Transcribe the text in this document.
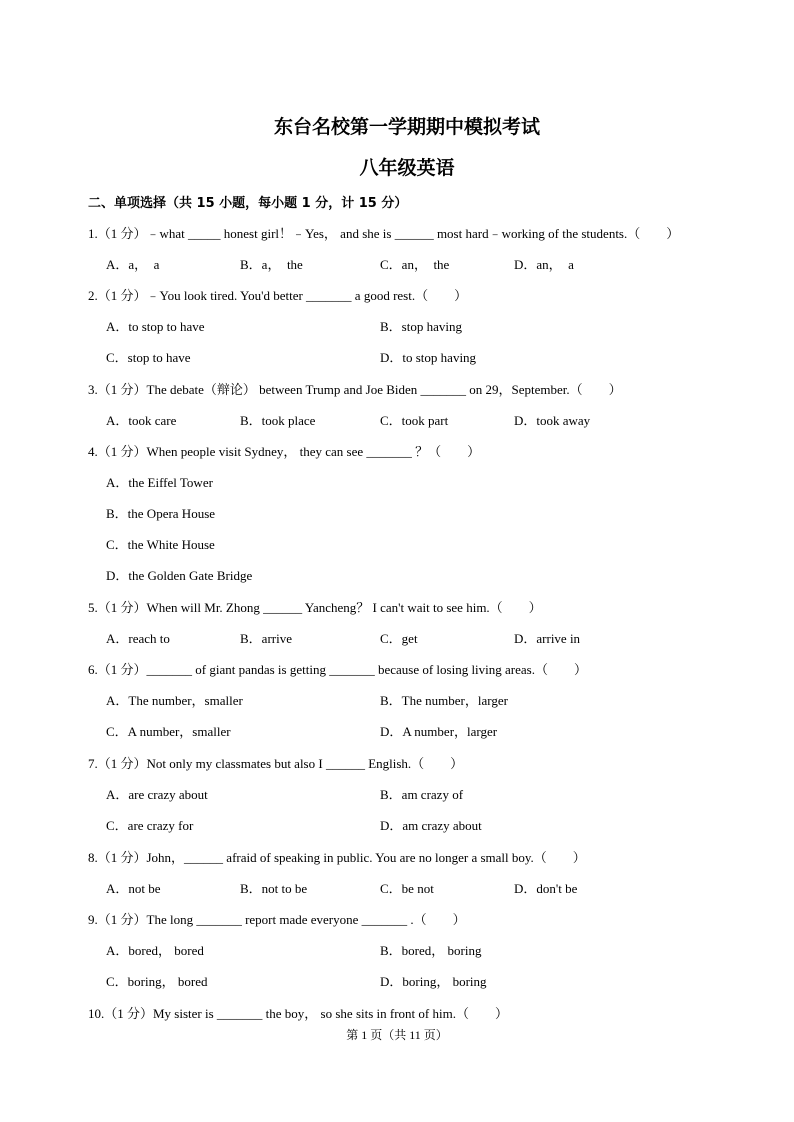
东台名校第一学期期中模拟考试
八年级英语
二、单项选择（共 15 小题，每小题 1 分，计 15 分）
1.（1 分）﹣what _____ honest girl！﹣Yes， and she is ______ most hard﹣working of the students.（　　）
A．a，　a	B．a，　the	C．an，　the	D．an，　a
2.（1 分）﹣You look tired. You'd better _______ a good rest.（　　）
A．to stop to have	B．stop having
C．stop to have	D．to stop having
3.（1 分）The debate（辩论） between Trump and Joe Biden _______ on 29，September.（　　）
A．took care	B．took place	C．took part	D．took away
4.（1 分）When people visit Sydney， they can see _______ ？（　　）
A．the Eiffel Tower
B．the Opera House
C．the White House
D．the Golden Gate Bridge
5.（1 分）When will Mr. Zhong ______ Yancheng？ I can't wait to see him.（　　）
A．reach to	B．arrive	C．get	D．arrive in
6.（1 分）_______ of giant pandas is getting _______ because of losing living areas.（　　）
A．The number，smaller	B．The number，larger
C．A number，smaller	D．A number，larger
7.（1 分）Not only my classmates but also I ______ English.（　　）
A．are crazy about	B．am crazy of
C．are crazy for	D．am crazy about
8.（1 分）John，______ afraid of speaking in public. You are no longer a small boy.（　　）
A．not be	B．not to be	C．be not	D．don't be
9.（1 分）The long _______ report made everyone _______ .（　　）
A．bored， bored	B．bored， boring
C．boring， bored	D．boring， boring
10.（1 分）My sister is _______ the boy， so she sits in front of him.（　　）
第 1 页（共 11 页）
